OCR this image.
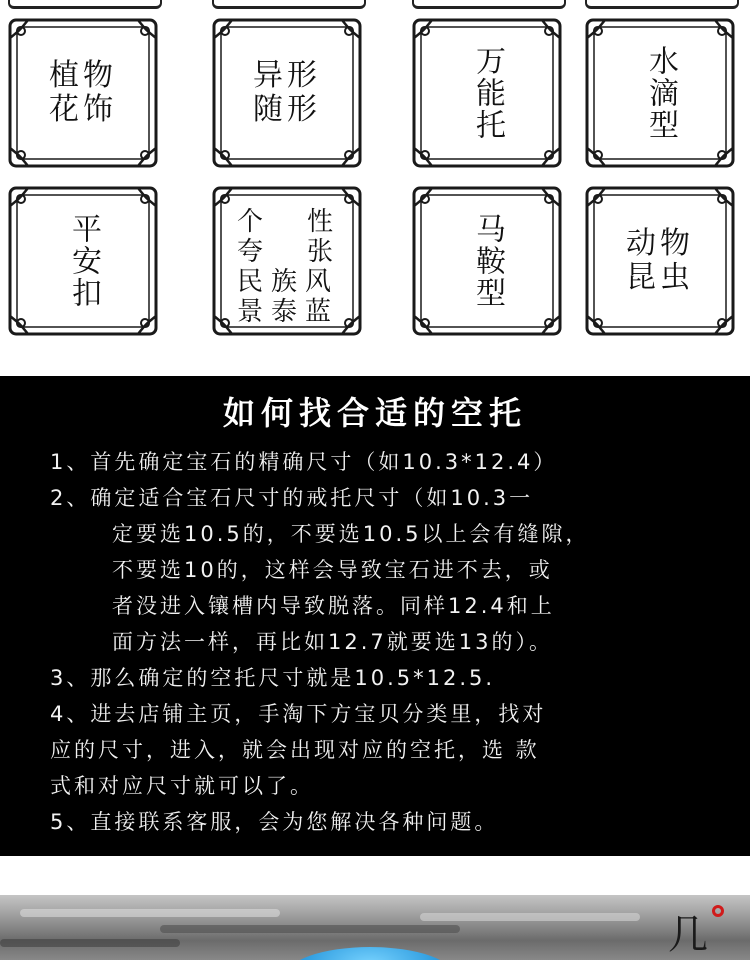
植物
花饰
异形
随形	万能托	水滴型
平安扣	个 性
夸 张
民 族 风
景 泰 蓝
马鞍型	动物
昆虫
如何找合适的空托
1、首先确定宝石的精确尺寸（如10.3*12.4）
2、确定适合宝石尺寸的戒托尺寸（如10.3一
定要选10.5的，不要选10.5以上会有缝隙，
不要选10的，这样会导致宝石进不去，或
者没进入镶槽内导致脱落。同样12.4和上
面方法一样，再比如12.7就要选13的）。
3、那么确定的空托尺寸就是10.5*12.5.
4、进去店铺主页，手淘下方宝贝分类里，找对
应的尺寸，进入，就会出现对应的空托，选 款
式和对应尺寸就可以了。
5、直接联系客服，会为您解决各种问题。
几
